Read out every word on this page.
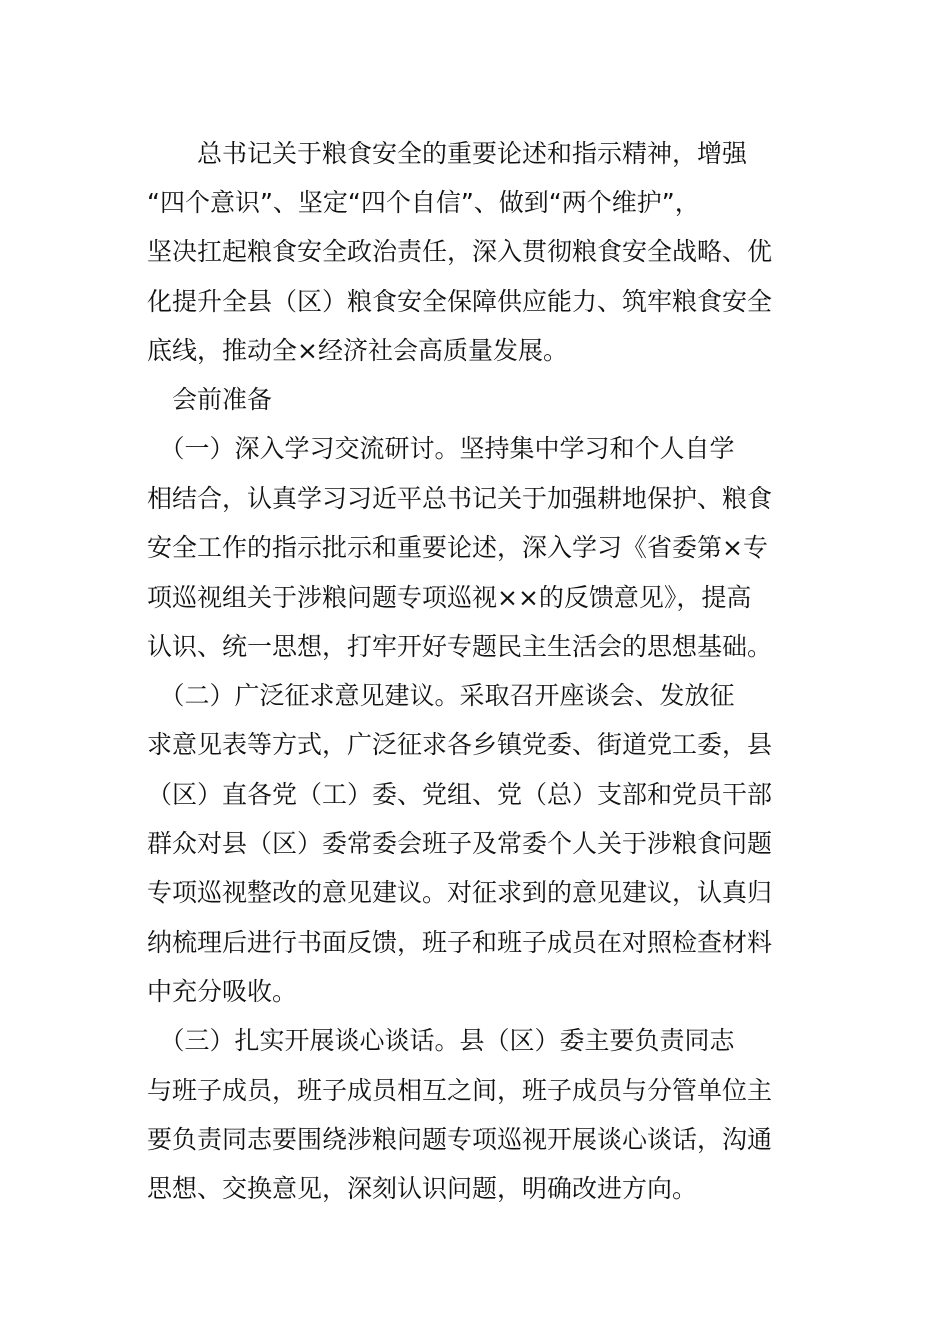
　　总书记关于粮食安全的重要论述和指示精神，增强
“四个意识”、坚定“四个自信”、做到“两个维护”，
坚决扛起粮食安全政治责任，深入贯彻粮食安全战略、优
化提升全县（区）粮食安全保障供应能力、筑牢粮食安全
底线，推动全×经济社会高质量发展。
　会前准备
　（一）深入学习交流研讨。坚持集中学习和个人自学
相结合，认真学习习近平总书记关于加强耕地保护、粮食
安全工作的指示批示和重要论述，深入学习《省委第×专
项巡视组关于涉粮问题专项巡视××的反馈意见》，提高
认识、统一思想，打牢开好专题民主生活会的思想基础。
　（二）广泛征求意见建议。采取召开座谈会、发放征
求意见表等方式，广泛征求各乡镇党委、街道党工委，县
（区）直各党（工）委、党组、党（总）支部和党员干部
群众对县（区）委常委会班子及常委个人关于涉粮食问题
专项巡视整改的意见建议。对征求到的意见建议，认真归
纳梳理后进行书面反馈，班子和班子成员在对照检查材料
中充分吸收。
　（三）扎实开展谈心谈话。县（区）委主要负责同志
与班子成员，班子成员相互之间，班子成员与分管单位主
要负责同志要围绕涉粮问题专项巡视开展谈心谈话，沟通
思想、交换意见，深刻认识问题，明确改进方向。
